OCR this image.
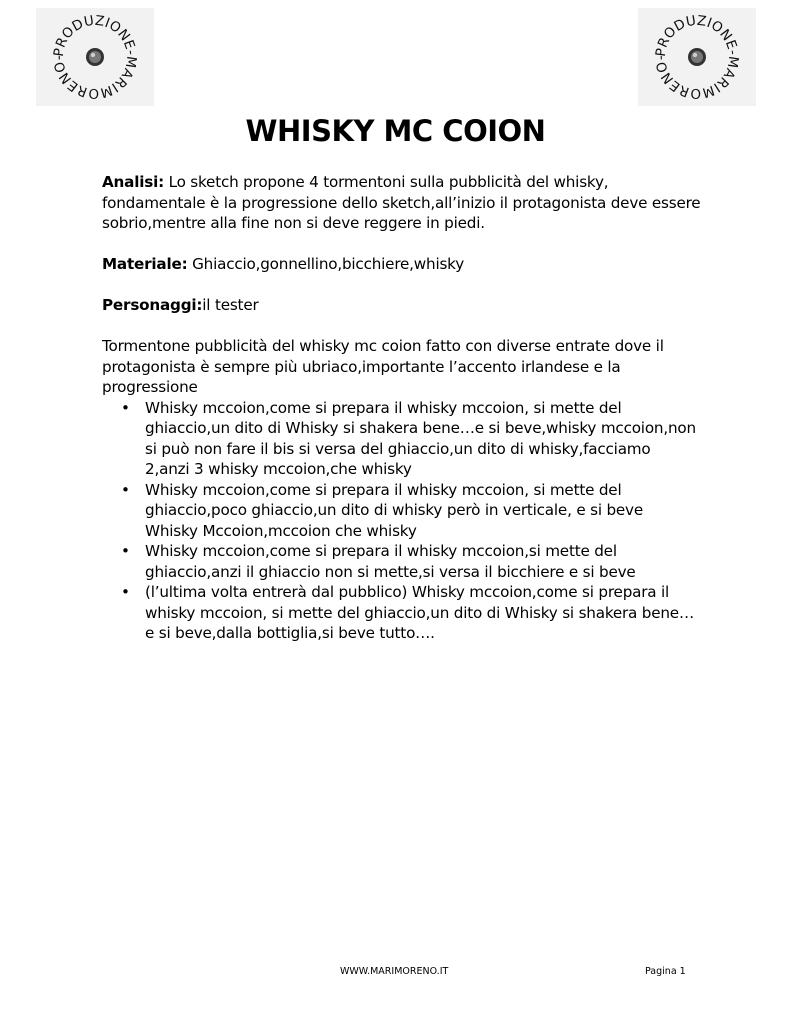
PRODUZIONE-MARIMORENO-
PRODUZIONE-MARIMORENO-
WHISKY MC COION

Analisi: Lo sketch propone 4 tormentoni sulla pubblicità del whisky, fondamentale è la progressione dello sketch,all’inizio il protagonista deve essere sobrio,mentre alla fine non si deve reggere in piedi.

Materiale: Ghiaccio,gonnellino,bicchiere,whisky

Personaggi:il tester

Tormentone pubblicità del whisky mc coion fatto con diverse entrate dove il protagonista è sempre più ubriaco,importante l’accento irlandese e la progressione

• Whisky mccoion,come si prepara il whisky mccoion, si mette del ghiaccio,un dito di Whisky si shakera bene…e si beve,whisky mccoion,non si può non fare il bis si versa del ghiaccio,un dito di whisky,facciamo 2,anzi 3 whisky mccoion,che whisky
• Whisky mccoion,come si prepara il whisky mccoion, si mette del ghiaccio,poco ghiaccio,un dito di whisky però in verticale, e si beve Whisky Mccoion,mccoion che whisky
• Whisky mccoion,come si prepara il whisky mccoion,si mette del ghiaccio,anzi il ghiaccio non si mette,si versa il bicchiere e si beve
• (l’ultima volta entrerà dal pubblico) Whisky mccoion,come si prepara il whisky mccoion, si mette del ghiaccio,un dito di Whisky si shakera bene…e si beve,dalla bottiglia,si beve tutto….
WWW.MARIMORENO.IT	Pagina 1
